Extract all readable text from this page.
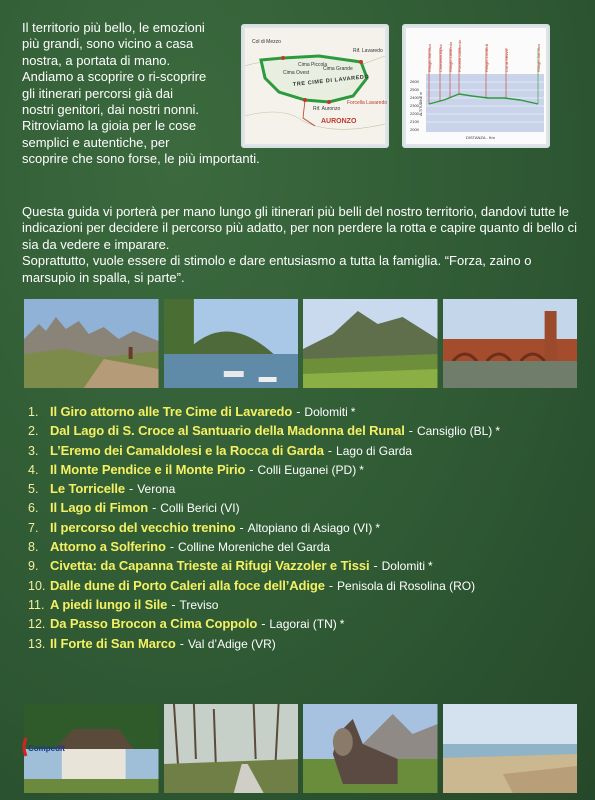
Il territorio più bello, le emozioni
più grandi, sono vicino a casa
nostra, a portata di mano.
Andiamo a scoprire o ri-scoprire
gli itinerari percorsi già dai
nostri genitori, dai nostri nonni.
Ritroviamo la gioia per le cose
semplici e autentiche, per
scoprire che sono forse, le più importanti.
Col di Mezzo
Cima Piccola
Cima Grande
Cima Ovest
Rif. Lavaredo
Forcella Lavaredo
Rif. Auronzo
TRE CIME DI LAVAREDO
AURONZO
Rifugio Auronzo Chiesetta Alpini Rifugio Lavaredo Forcella Lavaredo	Rifugio Locatelli	Col di Mezzo	Rifugio Auronzo
2600
2500
2400
2300
2200
2100
2000
ALTITUDINE m
DISTANZA - Km

Questa guida vi porterà per mano lungo gli itinerari più belli del nostro territorio, dandovi tutte le indicazioni per decidere il percorso più adatto, per non perdere la rotta e capire quanto di bello ci sia da vedere e imparare.

Soprattutto, vuole essere di stimolo e dare entusiasmo a tutta la famiglia. “Forza, zaino o marsupio in spalla, si parte”.

1. Il Giro attorno alle Tre Cime di Lavaredo - Dolomiti *
2. Dal Lago di S. Croce al Santuario della Madonna del Runal - Cansiglio (BL) *
3. L’Eremo dei Camaldolesi e la Rocca di Garda - Lago di Garda
4. Il Monte Pendice e il Monte Pirio - Colli Euganei (PD) *
5. Le Torricelle - Verona
6. Il Lago di Fimon - Colli Berici (VI)
7. Il percorso del vecchio trenino - Altopiano di Asiago (VI) *
8. Attorno a Solferino - Colline Moreniche del Garda
9. Civetta: da Capanna Trieste ai Rifugi Vazzoler e Tissi - Dolomiti *
10. Dalle dune di Porto Caleri alla foce dell’Adige - Penisola di Rosolina (RO)
11. A piedi lungo il Sile - Treviso
12. Da Passo Brocon a Cima Coppolo - Lagorai (TN) *
13. Il Forte di San Marco - Val d’Adige (VR)
Compedit
